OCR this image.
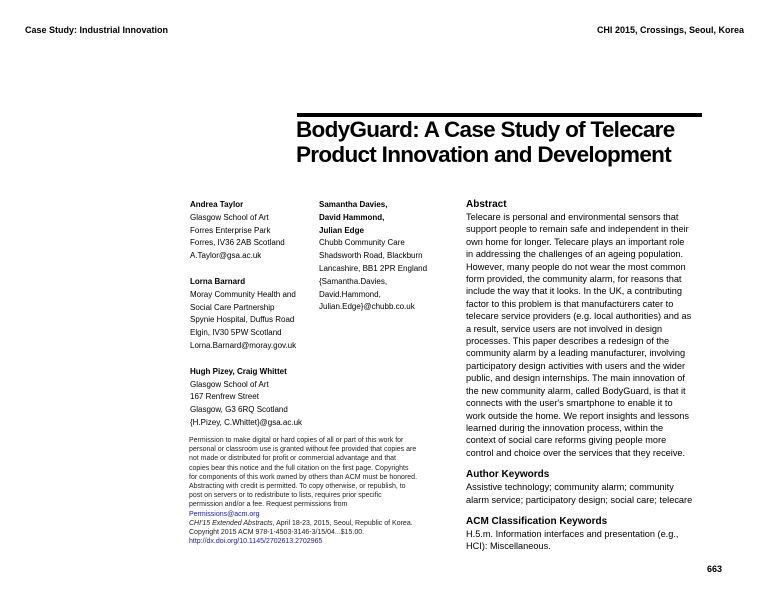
Case Study: Industrial Innovation	CHI 2015, Crossings, Seoul, Korea
BodyGuard: A Case Study of Telecare
Product Innovation and Development
Andrea Taylor
Glasgow School of Art
Forres Enterprise Park
Forres, IV36 2AB Scotland
A.Taylor@gsa.ac.uk
Lorna Barnard
Moray Community Health and
Social Care Partnership
Spynie Hospital, Duffus Road
Elgin, IV30 5PW Scotland
Lorna.Barnard@moray.gov.uk
Hugh Pizey, Craig Whittet
Glasgow School of Art
167 Renfrew Street
Glasgow, G3 6RQ Scotland
{H.Pizey, C.Whittet}@gsa.ac.uk
Samantha Davies,
David Hammond,
Julian Edge
Chubb Community Care
Shadsworth Road, Blackburn
Lancashire, BB1 2PR England
{Samantha.Davies,
David.Hammond,
Julian.Edge}@chubb.co.uk
Permission to make digital or hard copies of all or part of this work for
personal or classroom use is granted without fee provided that copies are
not made or distributed for profit or commercial advantage and that
copies bear this notice and the full citation on the first page. Copyrights
for components of this work owned by others than ACM must be honored.
Abstracting with credit is permitted. To copy otherwise, or republish, to
post on servers or to redistribute to lists, requires prior specific
permission and/or a fee. Request permissions from
Permissions@acm.org
CHI'15 Extended Abstracts, April 18-23, 2015, Seoul, Republic of Korea.
Copyright 2015 ACM 978-1-4503-3146-3/15/04...$15.00.
http://dx.doi.org/10.1145/2702613.2702965
Abstract
Telecare is personal and environmental sensors that
support people to remain safe and independent in their
own home for longer. Telecare plays an important role
in addressing the challenges of an ageing population.
However, many people do not wear the most common
form provided, the community alarm, for reasons that
include the way that it looks. In the UK, a contributing
factor to this problem is that manufacturers cater to
telecare service providers (e.g. local authorities) and as
a result, service users are not involved in design
processes. This paper describes a redesign of the
community alarm by a leading manufacturer, involving
participatory design activities with users and the wider
public, and design internships. The main innovation of
the new community alarm, called BodyGuard, is that it
connects with the user's smartphone to enable it to
work outside the home. We report insights and lessons
learned during the innovation process, within the
context of social care reforms giving people more
control and choice over the services that they receive.
Author Keywords
Assistive technology; community alarm; community
alarm service; participatory design; social care; telecare
ACM Classification Keywords
H.5.m. Information interfaces and presentation (e.g.,
HCI): Miscellaneous.
663
